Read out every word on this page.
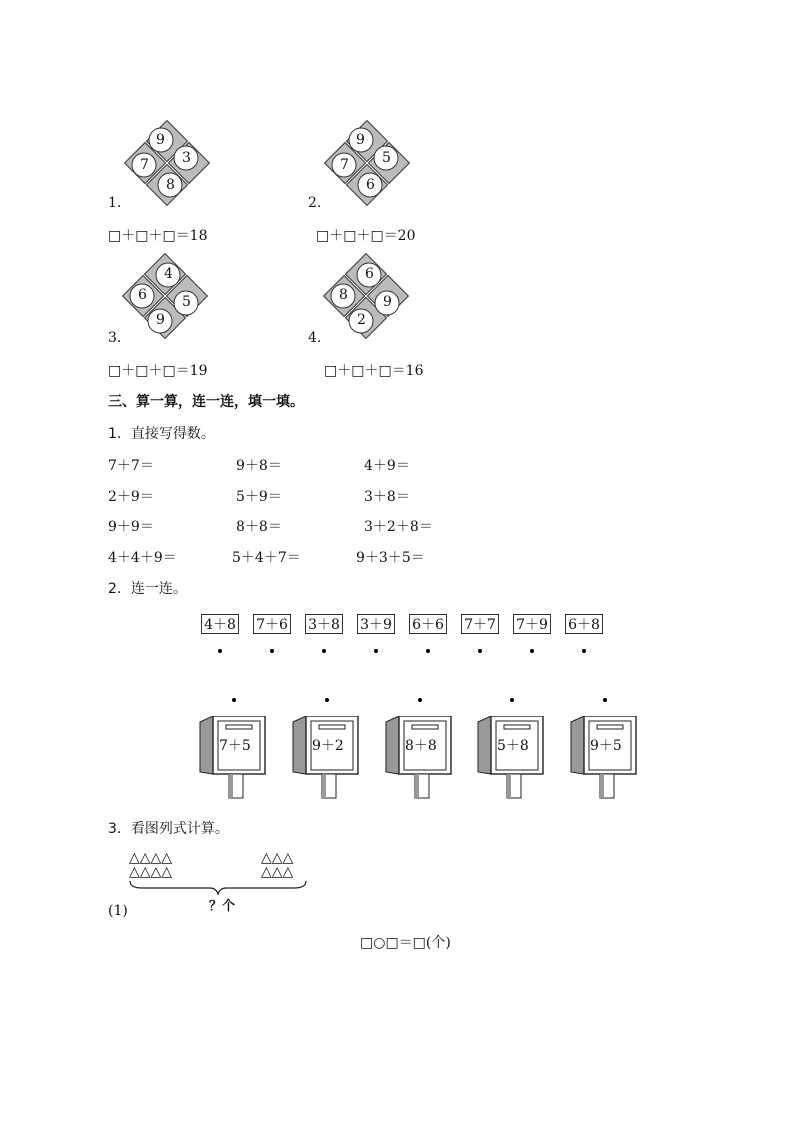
9
7 3
8
1.
□＋□＋□＝18
9
7 5
6
2.
□＋□＋□＝20
4
6	5
9
3.
□＋□＋□＝19
6
8	9
2
4.
□＋□＋□＝16
三、算一算，连一连，填一填。
1．直接写得数。
7＋7＝	9＋8＝	4＋9＝
2＋9＝	5＋9＝	3＋8＝
9＋9＝	8＋8＝	3＋2＋8＝
4＋4＋9＝	5＋4＋7＝	9＋3＋5＝
2．连一连。
4＋8 7＋6 3＋8 3＋9 6＋6 7＋7 7＋9 6＋8
7＋5	9＋2	8＋8	5＋8	9＋5
3．看图列式计算。
△△△△
△△△△
△△△
△△△
？个
(1)
□○□＝□(个)
